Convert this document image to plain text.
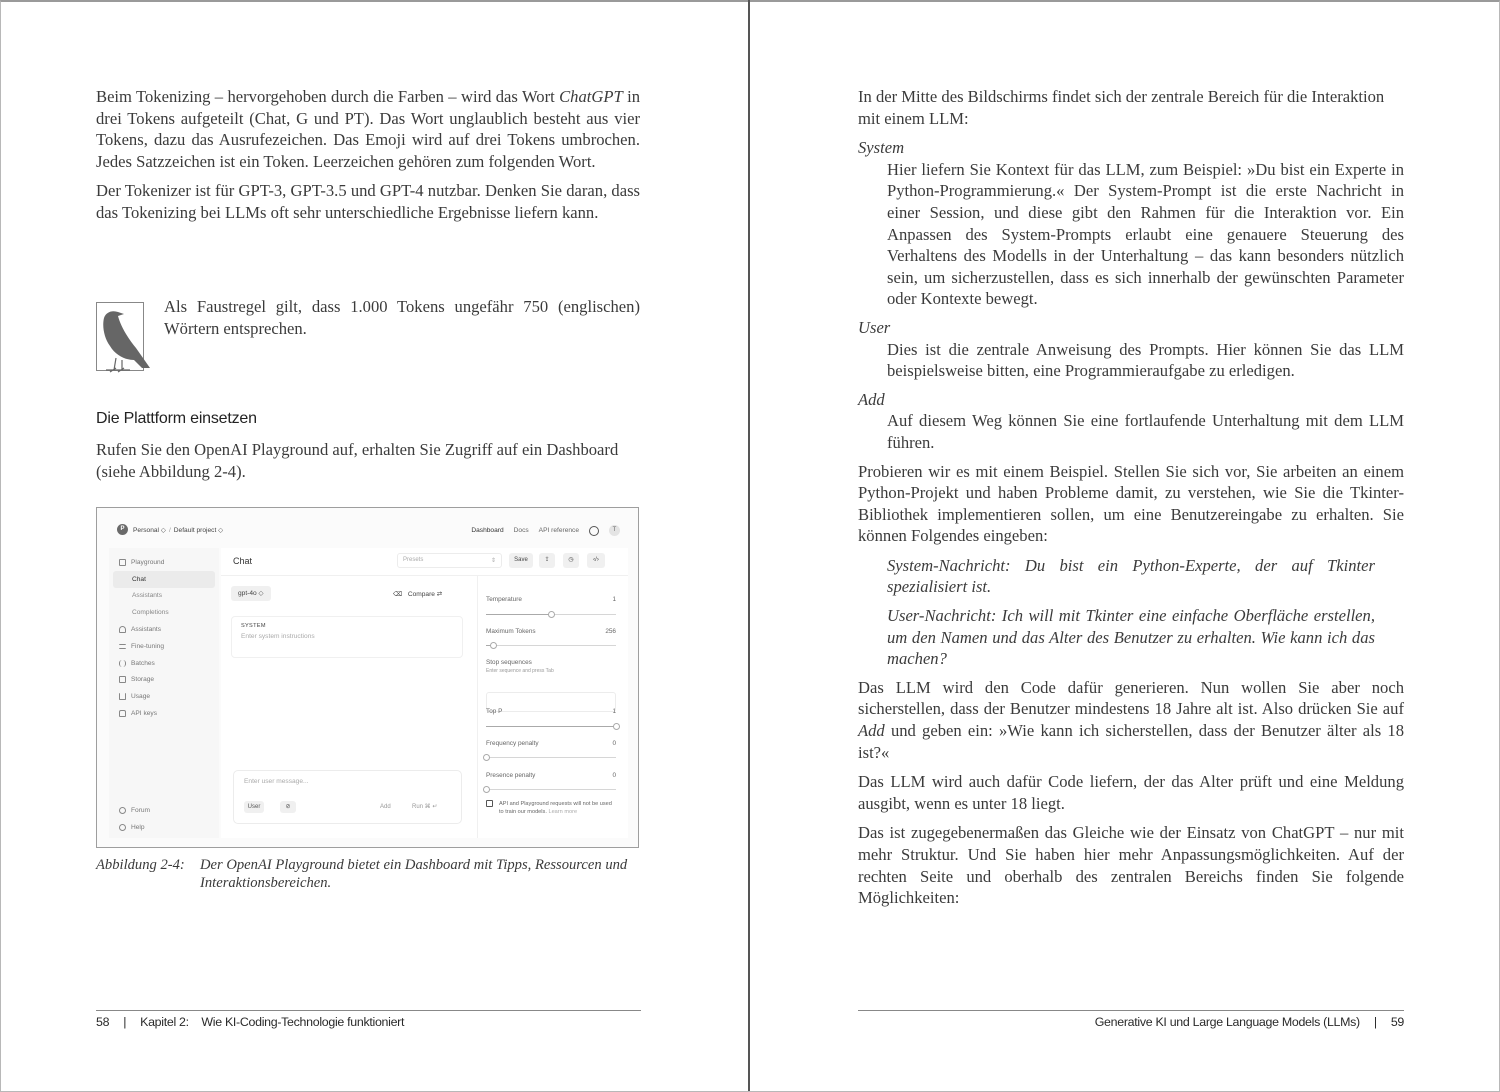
Beim Tokenizing – hervorgehoben durch die Farben – wird das Wort ChatGPT in drei Tokens aufgeteilt (Chat, G und PT). Das Wort unglaublich besteht aus vier Tokens, dazu das Ausrufezeichen. Das Emoji wird auf drei Tokens umbrochen. Jedes Satzzeichen ist ein Token. Leerzeichen gehören zum folgenden Wort.

Der Tokenizer ist für GPT-3, GPT-3.5 und GPT-4 nutzbar. Denken Sie daran, dass das Tokenizing bei LLMs oft sehr unterschiedliche Ergebnisse liefern kann.

Als Faustregel gilt, dass 1.000 Tokens ungefähr 750 (englischen) Wörtern entsprechen.

Die Plattform einsetzen

Rufen Sie den OpenAI Playground auf, erhalten Sie Zugriff auf ein Dashboard (siehe Abbildung 2-4).

P	Personal ◇ / Default project ◇	Dashboard Docs API reference	T
Playground
Chat
Assistants
Completions
Assistants
Fine-tuning
Batches
Storage
Usage
API keys
Forum
Help
Chat	Presets	⇕	Save	⇪	◷	‹/›
gpt-4o ◇	⌫ Compare ⇄
SYSTEM
Enter system instructions
Enter user message...
User	⊘	Add	Run ⌘ ↵
Temperature	1
Maximum Tokens	256
Stop sequences
Enter sequence and press Tab
Top P	1
Frequency penalty	0
Presence penalty	0
API and Playground requests will not be used to train our models. Learn more
Abbildung 2-4:	Der OpenAI Playground bietet ein Dashboard mit Tipps, Ressourcen und Interaktionsbereichen.
58 | Kapitel 2: Wie KI-Coding-Technologie funktioniert

In der Mitte des Bildschirms findet sich der zentrale Bereich für die Interaktion mit einem LLM:

System

Hier liefern Sie Kontext für das LLM, zum Beispiel: »Du bist ein Experte in Python-Programmierung.« Der System-Prompt ist die erste Nachricht in einer Session, und diese gibt den Rahmen für die Interaktion vor. Ein Anpassen des System-Prompts erlaubt eine genauere Steuerung des Verhaltens des Modells in der Unterhaltung – das kann besonders nützlich sein, um sicherzustellen, dass es sich innerhalb der gewünschten Parameter oder Kontexte bewegt.

User

Dies ist die zentrale Anweisung des Prompts. Hier können Sie das LLM beispielsweise bitten, eine Programmieraufgabe zu erledigen.

Add

Auf diesem Weg können Sie eine fortlaufende Unterhaltung mit dem LLM führen.

Probieren wir es mit einem Beispiel. Stellen Sie sich vor, Sie arbeiten an einem Python-Projekt und haben Probleme damit, zu verstehen, wie Sie die Tkinter-Bibliothek implementieren sollen, um eine Benutzereingabe zu erhalten. Sie können Folgendes eingeben:

System-Nachricht: Du bist ein Python-Experte, der auf Tkinter spezialisiert ist.

User-Nachricht: Ich will mit Tkinter eine einfache Oberfläche erstellen, um den Namen und das Alter des Benutzer zu erhalten. Wie kann ich das machen?

Das LLM wird den Code dafür generieren. Nun wollen Sie aber noch sicherstellen, dass der Benutzer mindestens 18 Jahre alt ist. Also drücken Sie auf Add und geben ein: »Wie kann ich sicherstellen, dass der Benutzer älter als 18 ist?«

Das LLM wird auch dafür Code liefern, der das Alter prüft und eine Meldung ausgibt, wenn es unter 18 liegt.

Das ist zugegebenermaßen das Gleiche wie der Einsatz von ChatGPT – nur mit mehr Struktur. Und Sie haben hier mehr Anpassungsmöglichkeiten. Auf der rechten Seite und oberhalb des zentralen Bereichs finden Sie folgende Möglichkeiten:

Generative KI und Large Language Models (LLMs) | 59
